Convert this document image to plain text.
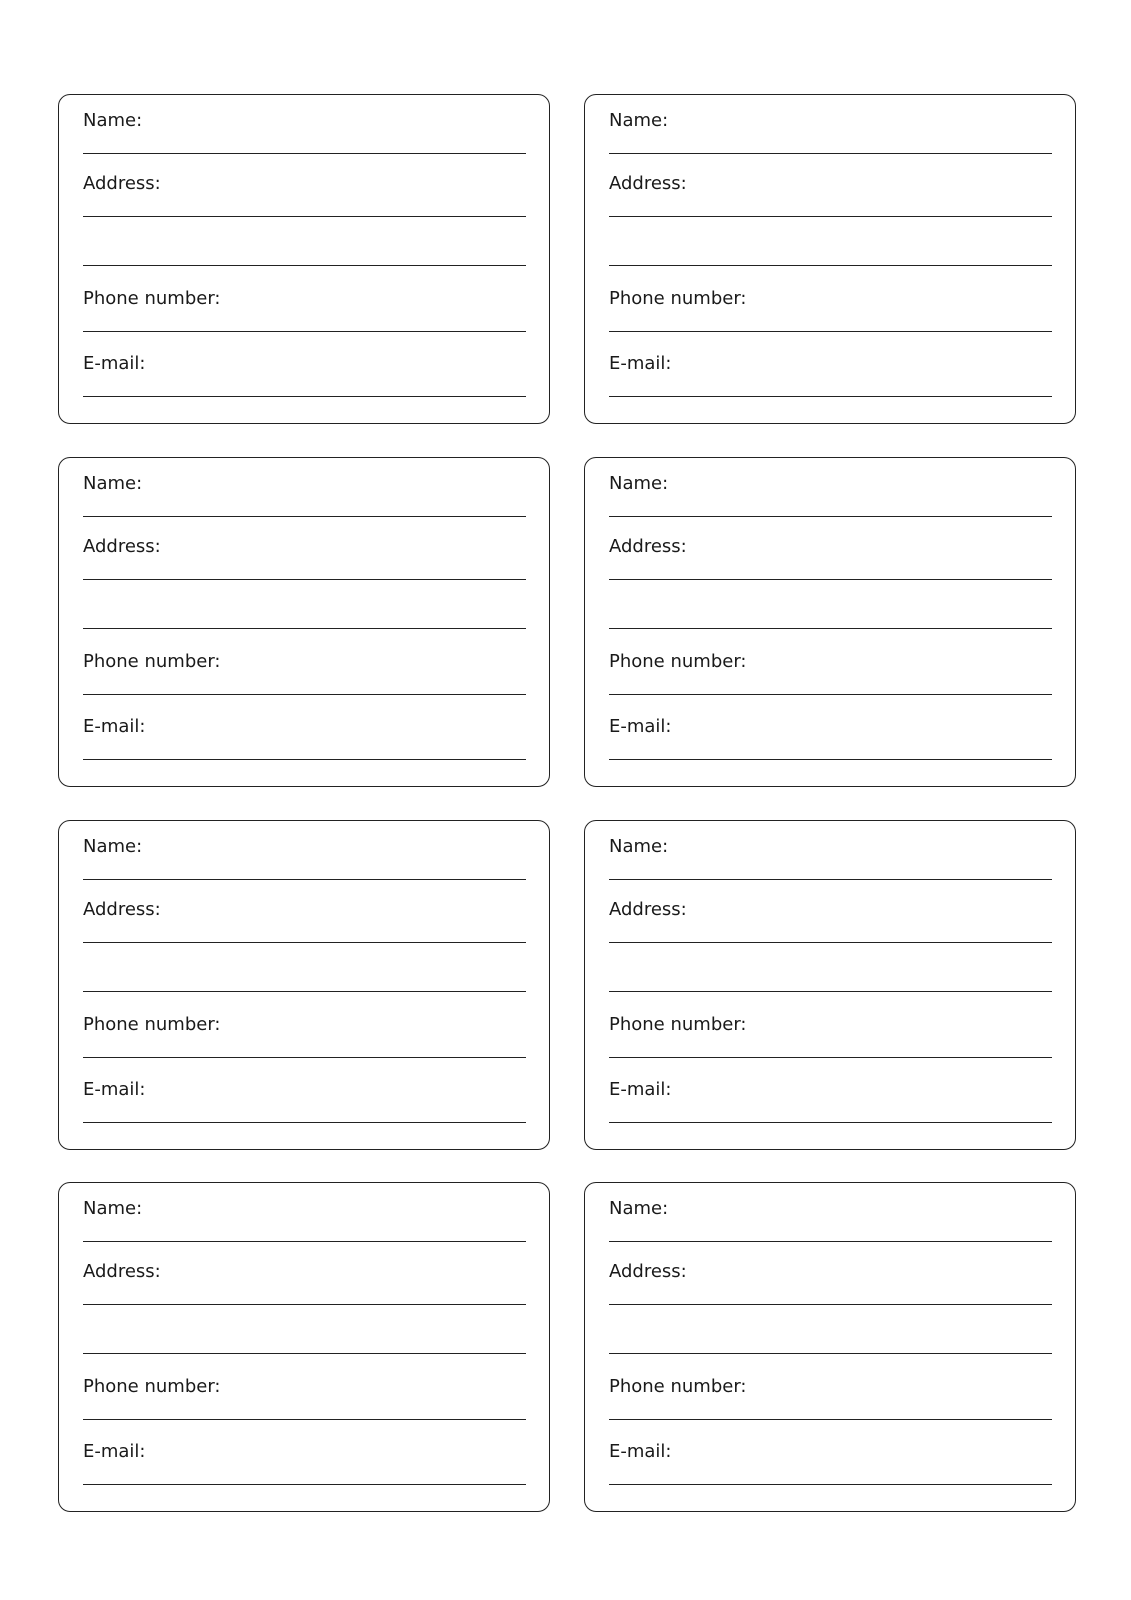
Name:
Address:
Phone number:
E-mail:
Name:
Address:
Phone number:
E-mail:
Name:
Address:
Phone number:
E-mail:
Name:
Address:
Phone number:
E-mail:
Name:
Address:
Phone number:
E-mail:
Name:
Address:
Phone number:
E-mail:
Name:
Address:
Phone number:
E-mail:
Name:
Address:
Phone number:
E-mail:
